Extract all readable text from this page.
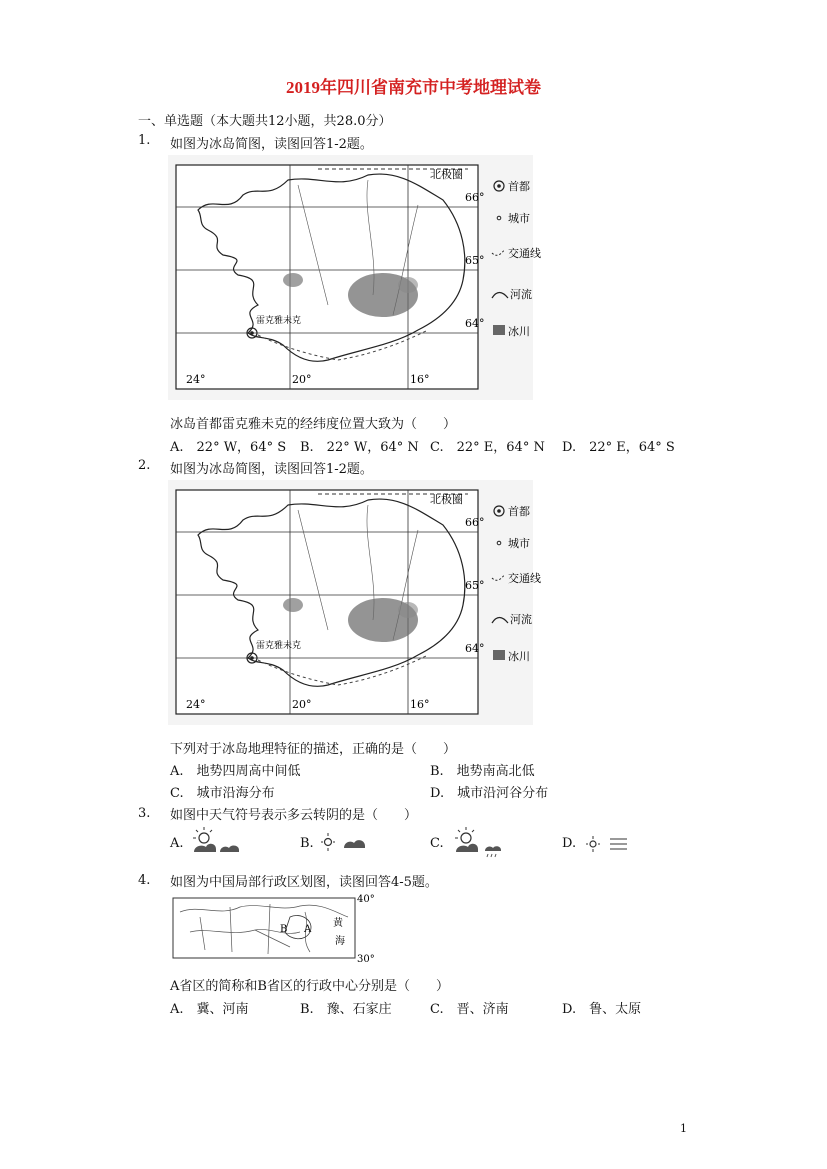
2019年四川省南充市中考地理试卷
一、单选题（本大题共12小题，共28.0分）
1. 如图为冰岛简图，读图回答1-2题。
北极圈
66°
65°
64°
24°	20°	16°
雷克雅未克
首都
城市
交通线
河流
冰川
冰岛首都雷克雅未克的经纬度位置大致为（　　）
A.　22° W，64° S B.　22° W，64° N C.　22° E，64° N D.　22° E，64° S
2. 如图为冰岛简图，读图回答1-2题。
北极圈
66°
65°
64°
24°	20°	16°
雷克雅未克
首都
城市
交通线
河流
冰川
下列对于冰岛地理特征的描述，正确的是（　　）
A.　地势四周高中间低	B.　地势南高北低
C.　城市沿海分布	D.　城市沿河谷分布
3. 如图中天气符号表示多云转阴的是（　　）
A.	B.	C.	D.
4. 如图为中国局部行政区划图，读图回答4-5题。
40°
30°
A
B
黄
海
A省区的简称和B省区的行政中心分别是（　　）
A.　冀、河南	B.　豫、石家庄	C.　晋、济南	D.　鲁、太原
1
